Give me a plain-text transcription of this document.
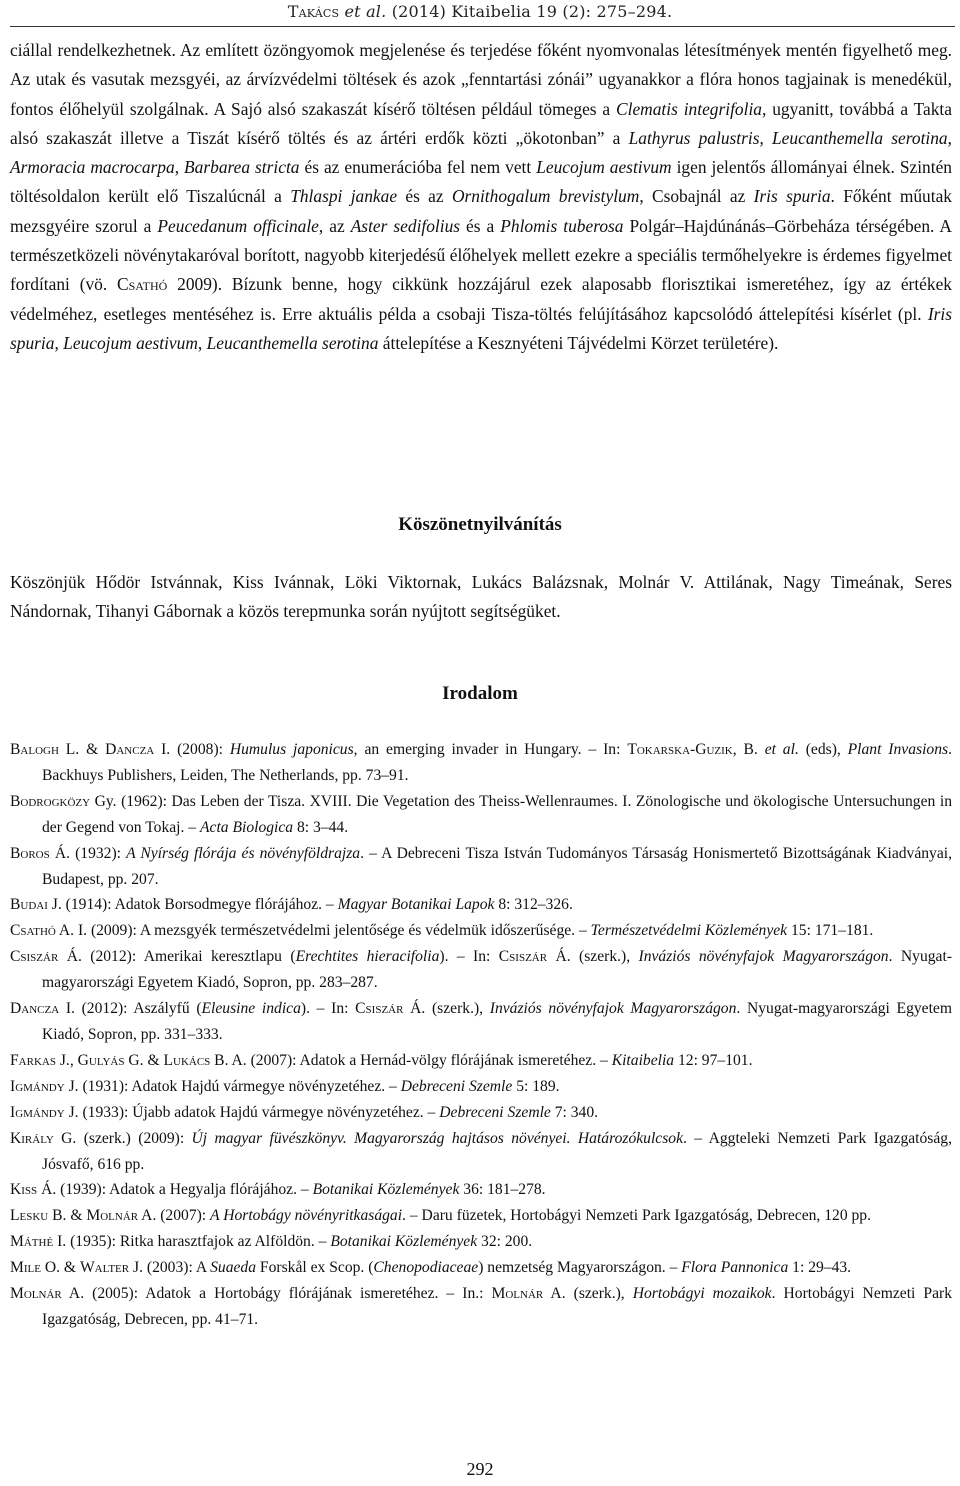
Takács et al. (2014) Kitaibelia 19 (2): 275–294.

ciállal rendelkezhetnek. Az említett özöngyomok megjelenése és terjedése főként nyomvonalas létesítmények mentén figyelhető meg. Az utak és vasutak mezsgyéi, az árvízvédelmi töltések és azok „fenntartási zónái” ugyanakkor a flóra honos tagjainak is menedékül, fontos élőhelyül szolgálnak. A Sajó alsó szakaszát kísérő töltésen például tömeges a Clematis integrifolia, ugyanitt, továbbá a Takta alsó szakaszát illetve a Tiszát kísérő töltés és az ártéri erdők közti „ökotonban” a Lathyrus palustris, Leucanthemella serotina, Armoracia macrocarpa, Barbarea stricta és az enumerációba fel nem vett Leucojum aestivum igen jelentős állományai élnek. Szintén töltésoldalon került elő Tiszalúcnál a Thlaspi jankae és az Ornithogalum brevistylum, Csobajnál az Iris spuria. Főként műutak mezsgyéire szorul a Peucedanum officinale, az Aster sedifolius és a Phlomis tuberosa Polgár–Hajdúnánás–Görbeháza térségében. A természetközeli növénytakaróval borított, nagyobb kiterjedésű élőhelyek mellett ezekre a speciális termőhelyekre is érdemes figyelmet fordítani (vö. Csathó 2009). Bízunk benne, hogy cikkünk hozzájárul ezek alaposabb florisztikai ismeretéhez, így az értékek védelméhez, esetleges mentéséhez is. Erre aktuális példa a csobaji Tisza-töltés felújításához kapcsolódó áttelepítési kísérlet (pl. Iris spuria, Leucojum aestivum, Leucanthemella serotina áttelepítése a Kesznyéteni Tájvédelmi Körzet területére).

Köszönetnyilvánítás
Köszönjük Hődör Istvánnak, Kiss Ivánnak, Löki Viktornak, Lukács Balázsnak, Molnár V. Attilának, Nagy Timeának, Seres Nándornak, Tihanyi Gábornak a közös terepmunka során nyújtott segítségüket.
Irodalom

Balogh L. & Dancza I. (2008): Humulus japonicus, an emerging invader in Hungary. – In: Tokarska-Guzik, B. et al. (eds), Plant Invasions. Backhuys Publishers, Leiden, The Netherlands, pp. 73–91.

Bodrogközy Gy. (1962): Das Leben der Tisza. XVIII. Die Vegetation des Theiss-Wellenraumes. I. Zönologische und ökologische Untersuchungen in der Gegend von Tokaj. – Acta Biologica 8: 3–44.

Boros Á. (1932): A Nyírség flórája és növényföldrajza. – A Debreceni Tisza István Tudományos Társaság Honismertető Bizottságának Kiadványai, Budapest, pp. 207.

Budai J. (1914): Adatok Borsodmegye flórájához. – Magyar Botanikai Lapok 8: 312–326.

Csathó A. I. (2009): A mezsgyék természetvédelmi jelentősége és védelmük időszerűsége. – Természetvédelmi Közlemények 15: 171–181.

Csiszár Á. (2012): Amerikai keresztlapu (Erechtites hieracifolia). – In: Csiszár Á. (szerk.), Inváziós növényfajok Magyarországon. Nyugat-magyarországi Egyetem Kiadó, Sopron, pp. 283–287.

Dancza I. (2012): Aszályfű (Eleusine indica). – In: Csiszár Á. (szerk.), Inváziós növényfajok Magyarországon. Nyugat-magyarországi Egyetem Kiadó, Sopron, pp. 331–333.

Farkas J., Gulyás G. & Lukács B. A. (2007): Adatok a Hernád-völgy flórájának ismeretéhez. – Kitaibelia 12: 97–101.

Igmándy J. (1931): Adatok Hajdú vármegye növényzetéhez. – Debreceni Szemle 5: 189.

Igmándy J. (1933): Újabb adatok Hajdú vármegye növényzetéhez. – Debreceni Szemle 7: 340.

Király G. (szerk.) (2009): Új magyar füvészkönyv. Magyarország hajtásos növényei. Határozókulcsok. – Aggteleki Nemzeti Park Igazgatóság, Jósvafő, 616 pp.

Kiss Á. (1939): Adatok a Hegyalja flórájához. – Botanikai Közlemények 36: 181–278.

Lesku B. & Molnár A. (2007): A Hortobágy növényritkaságai. – Daru füzetek, Hortobágyi Nemzeti Park Igazgatóság, Debrecen, 120 pp.

Máthé I. (1935): Ritka harasztfajok az Alföldön. – Botanikai Közlemények 32: 200.

Mile O. & Walter J. (2003): A Suaeda Forskål ex Scop. (Chenopodiaceae) nemzetség Magyarországon. – Flora Pannonica 1: 29–43.

Molnár A. (2005): Adatok a Hortobágy flórájának ismeretéhez. – In.: Molnár A. (szerk.), Hortobágyi mozaikok. Hortobágyi Nemzeti Park Igazgatóság, Debrecen, pp. 41–71.

292
